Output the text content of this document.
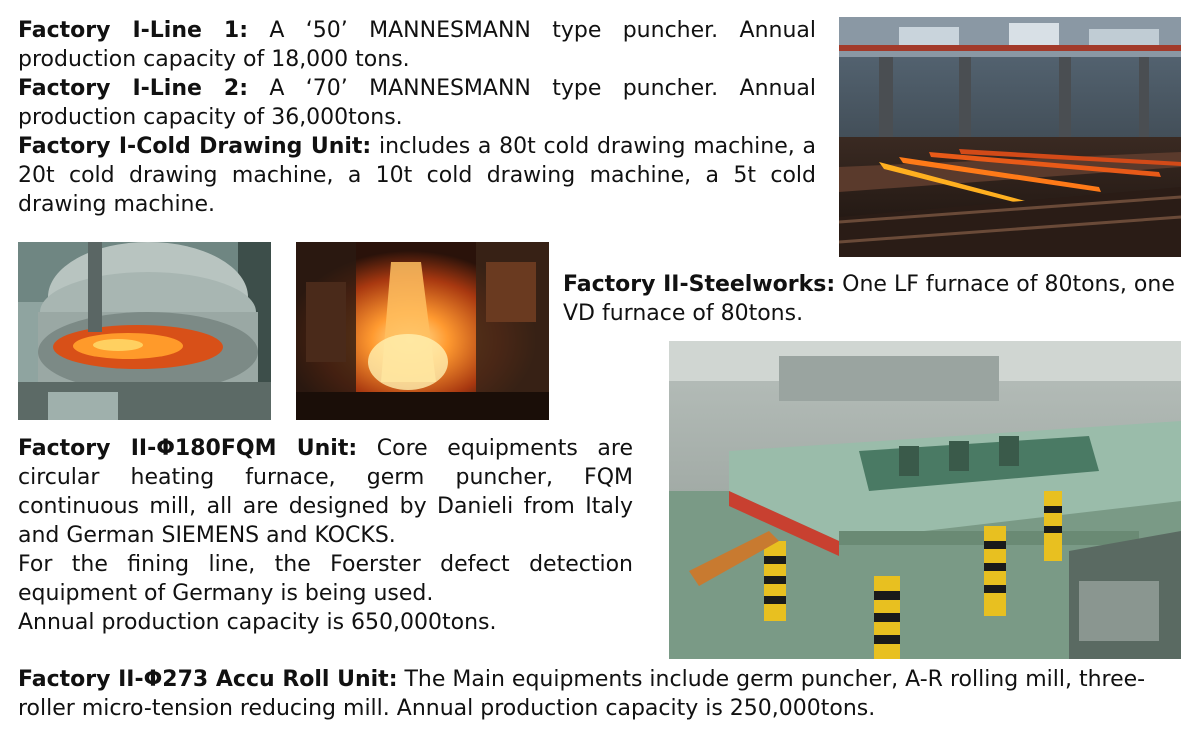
Factory I-Line 1: A ‘50’ MANNESMANN type puncher. Annual production capacity of 18,000 tons.

Factory I-Line 2: A ‘70’ MANNESMANN type puncher. Annual production capacity of 36,000tons.

Factory I-Cold Drawing Unit: includes a 80t cold drawing machine, a 20t cold drawing machine, a 10t cold drawing machine, a 5t cold drawing machine.

Factory II-Steelworks: One LF furnace of 80tons, one VD furnace of 80tons.

Factory II-Φ180FQM Unit: Core equipments are circular heating furnace, germ puncher, FQM continuous mill, all are designed by Danieli from Italy and German SIEMENS and KOCKS.

For the fining line, the Foerster defect detection equipment of Germany is being used.

Annual production capacity is 650,000tons.

Factory II-Φ273 Accu Roll Unit: The Main equipments include germ puncher, A-R rolling mill, three-roller micro-tension reducing mill. Annual production capacity is 250,000tons.
